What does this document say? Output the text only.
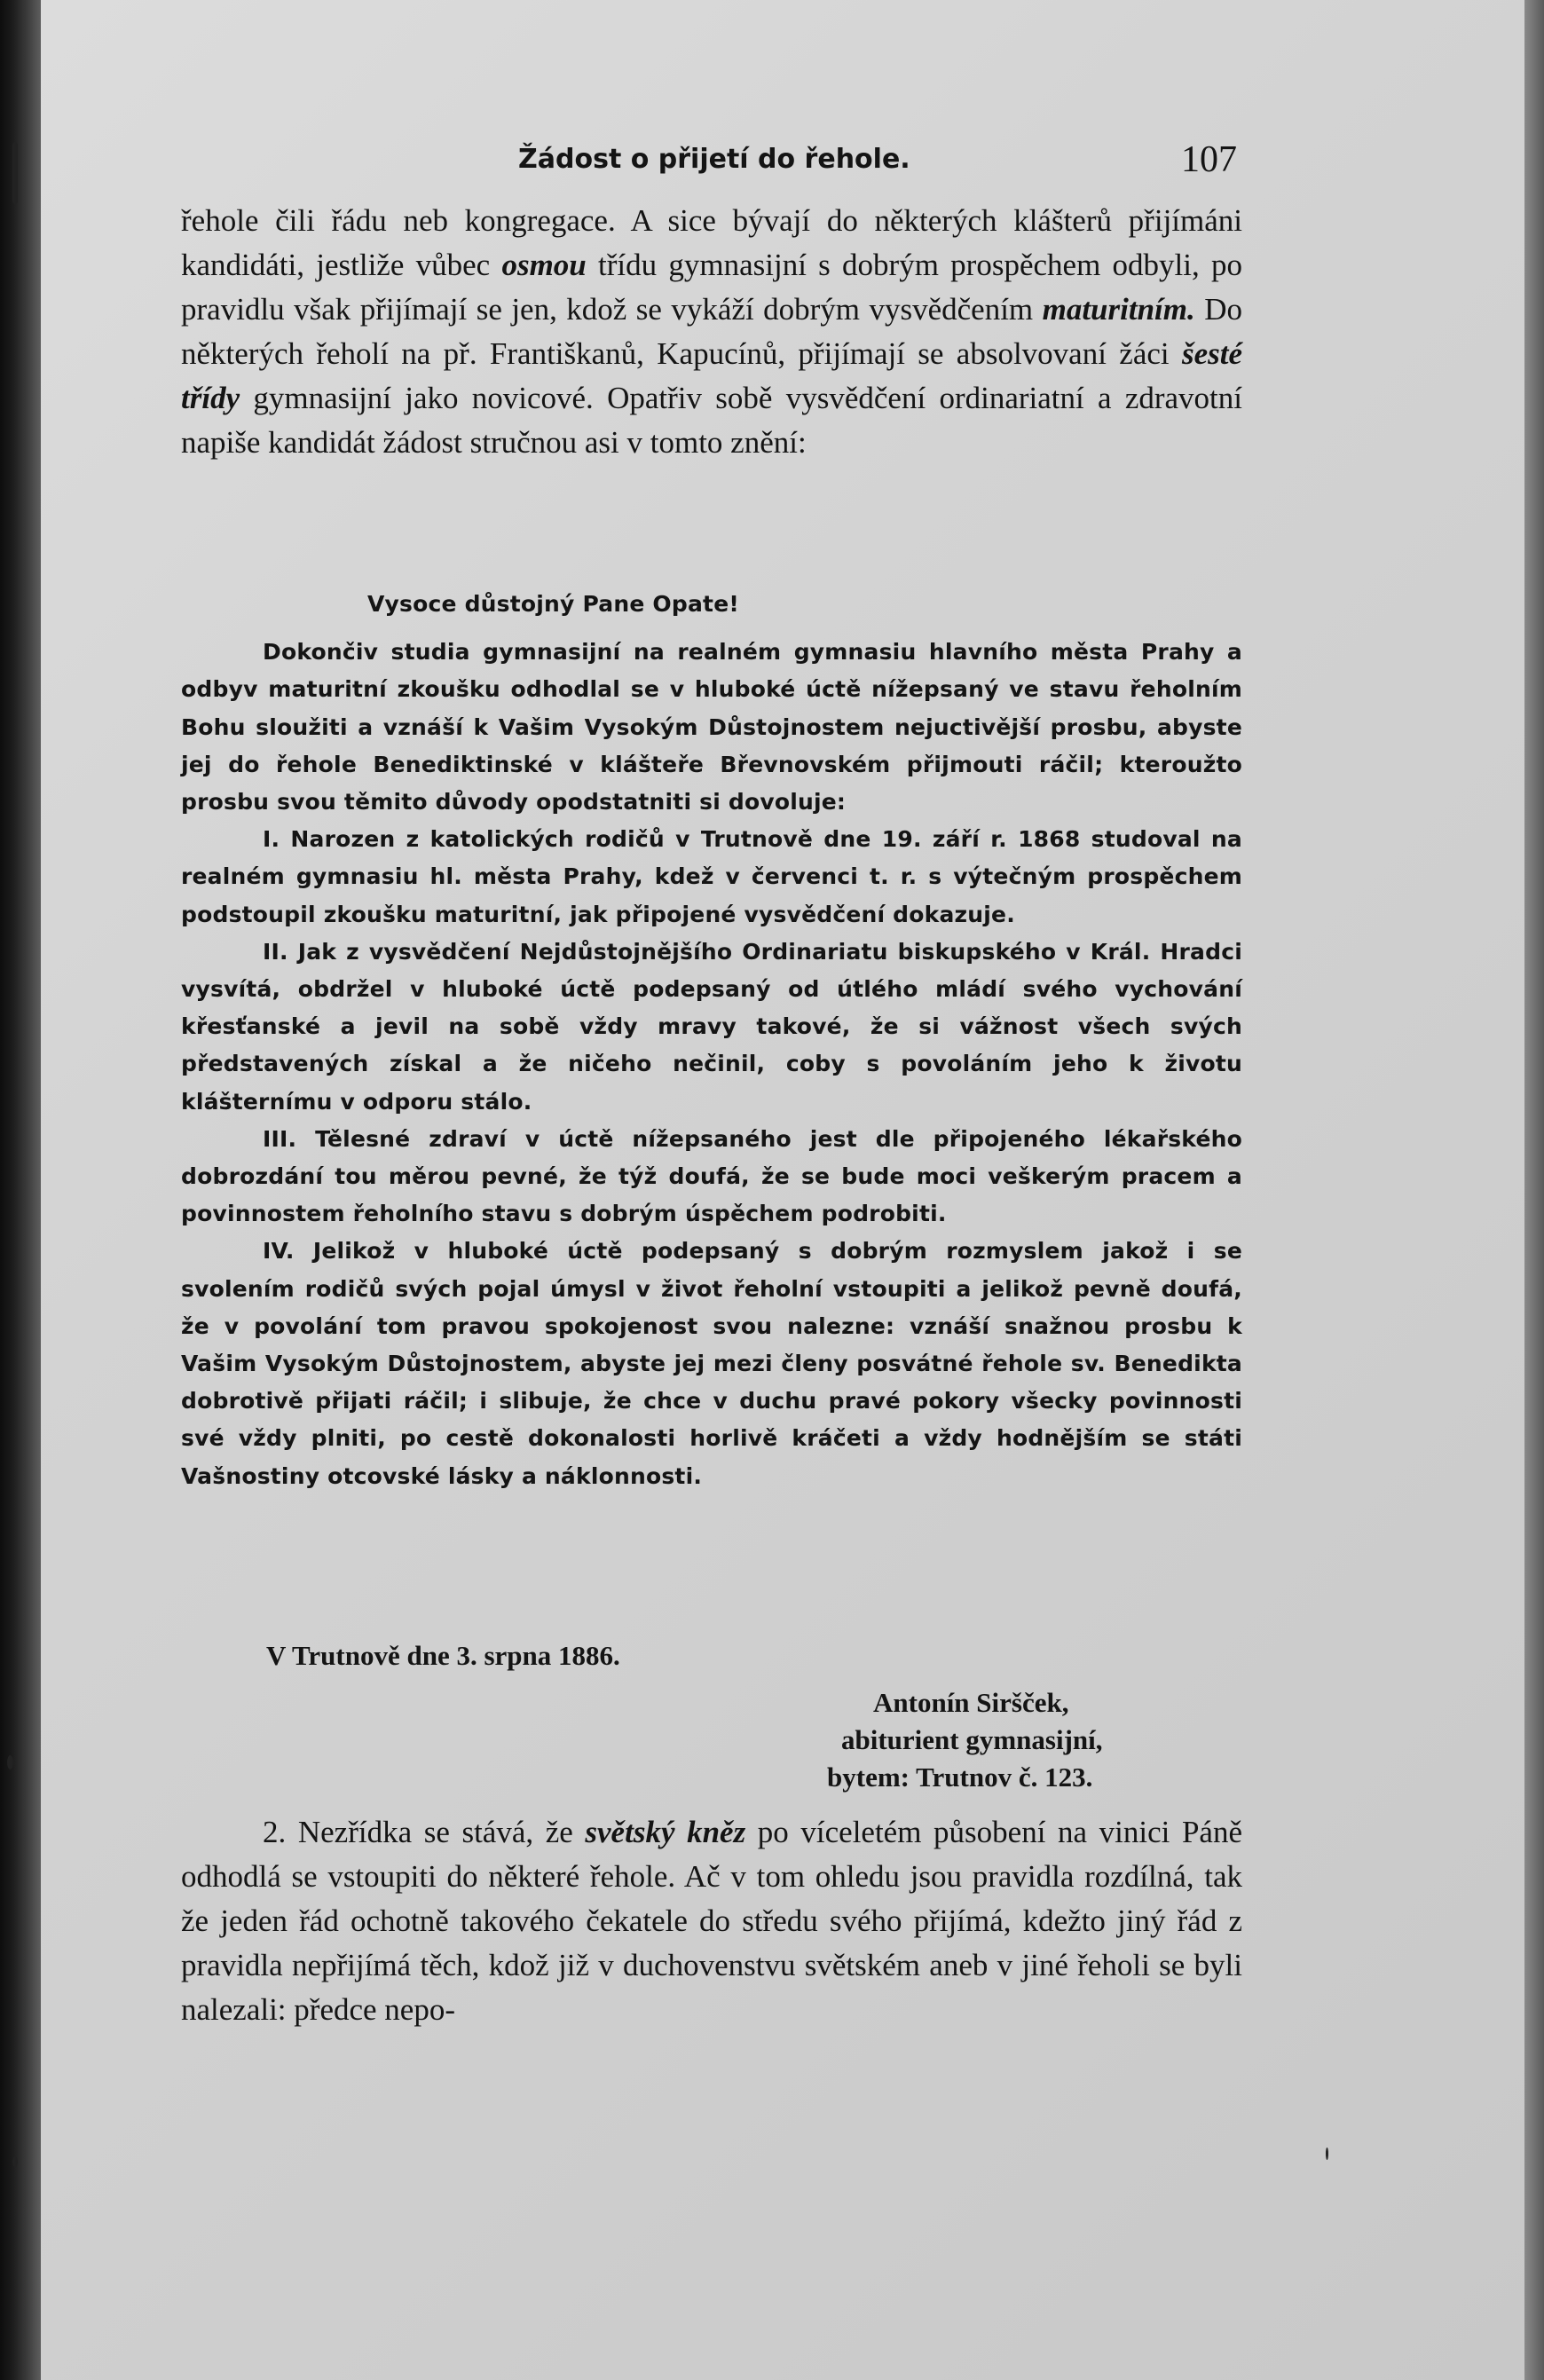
Žádost o přijetí do řehole.	107

řehole čili řádu neb kongregace. A sice bývají do některých klášterů přijímáni kandidáti, jestliže vůbec osmou třídu gymnasijní s dobrým prospěchem odbyli, po pravidlu však přijímají se jen, kdož se vykáží dobrým vysvědčením maturitním. Do některých řeholí na př. Františkanů, Kapucínů, přijímají se absolvovaní žáci šesté třídy gymnasijní jako novicové. Opatřiv sobě vysvědčení ordinariatní a zdravotní napiše kandidát žádost stručnou asi v tomto znění:

Vysoce důstojný Pane Opate!

Dokončiv studia gymnasijní na realném gymnasiu hlavního města Prahy a odbyv maturitní zkoušku odhodlal se v hluboké úctě nížepsaný ve stavu řeholním Bohu sloužiti a vznáší k Vašim Vysokým Důstojnostem nejuctivější prosbu, abyste jej do řehole Benediktinské v klášteře Břevnovském přijmouti ráčil; kteroužto prosbu svou těmito důvody opodstatniti si dovoluje:

I. Narozen z katolických rodičů v Trutnově dne 19. září r. 1868 studoval na realném gymnasiu hl. města Prahy, kdež v červenci t. r. s výtečným prospěchem podstoupil zkoušku maturitní, jak připojené vysvědčení dokazuje.

II. Jak z vysvědčení Nejdůstojnějšího Ordinariatu biskupského v Král. Hradci vysvítá, obdržel v hluboké úctě podepsaný od útlého mládí svého vychování křesťanské a jevil na sobě vždy mravy takové, že si vážnost všech svých představených získal a že ničeho nečinil, coby s povoláním jeho k životu klášternímu v odporu stálo.

III. Tělesné zdraví v úctě nížepsaného jest dle připojeného lékařského dobrozdání tou měrou pevné, že týž doufá, že se bude moci veškerým pracem a povinnostem řeholního stavu s dobrým úspěchem podrobiti.

IV. Jelikož v hluboké úctě podepsaný s dobrým rozmyslem jakož i se svolením rodičů svých pojal úmysl v život řeholní vstoupiti a jelikož pevně doufá, že v povolání tom pravou spokojenost svou nalezne: vznáší snažnou prosbu k Vašim Vysokým Důstojnostem, abyste jej mezi členy posvátné řehole sv. Benedikta dobrotivě přijati ráčil; i slibuje, že chce v duchu pravé pokory všecky povinnosti své vždy plniti, po cestě dokonalosti horlivě kráčeti a vždy hodnějším se státi Vašnostiny otcovské lásky a náklonnosti.

V Trutnově dne 3. srpna 1886.
Antonín Siršček,
abiturient gymnasijní,
bytem: Trutnov č. 123.

2. Nezřídka se stává, že světský kněz po víceletém působení na vinici Páně odhodlá se vstoupiti do některé řehole. Ač v tom ohledu jsou pravidla rozdílná, tak že jeden řád ochotně takového čekatele do středu svého přijímá, kdežto jiný řád z pravidla nepřijímá těch, kdož již v duchovenstvu světském aneb v jiné řeholi se byli nalezali: předce nepo-
